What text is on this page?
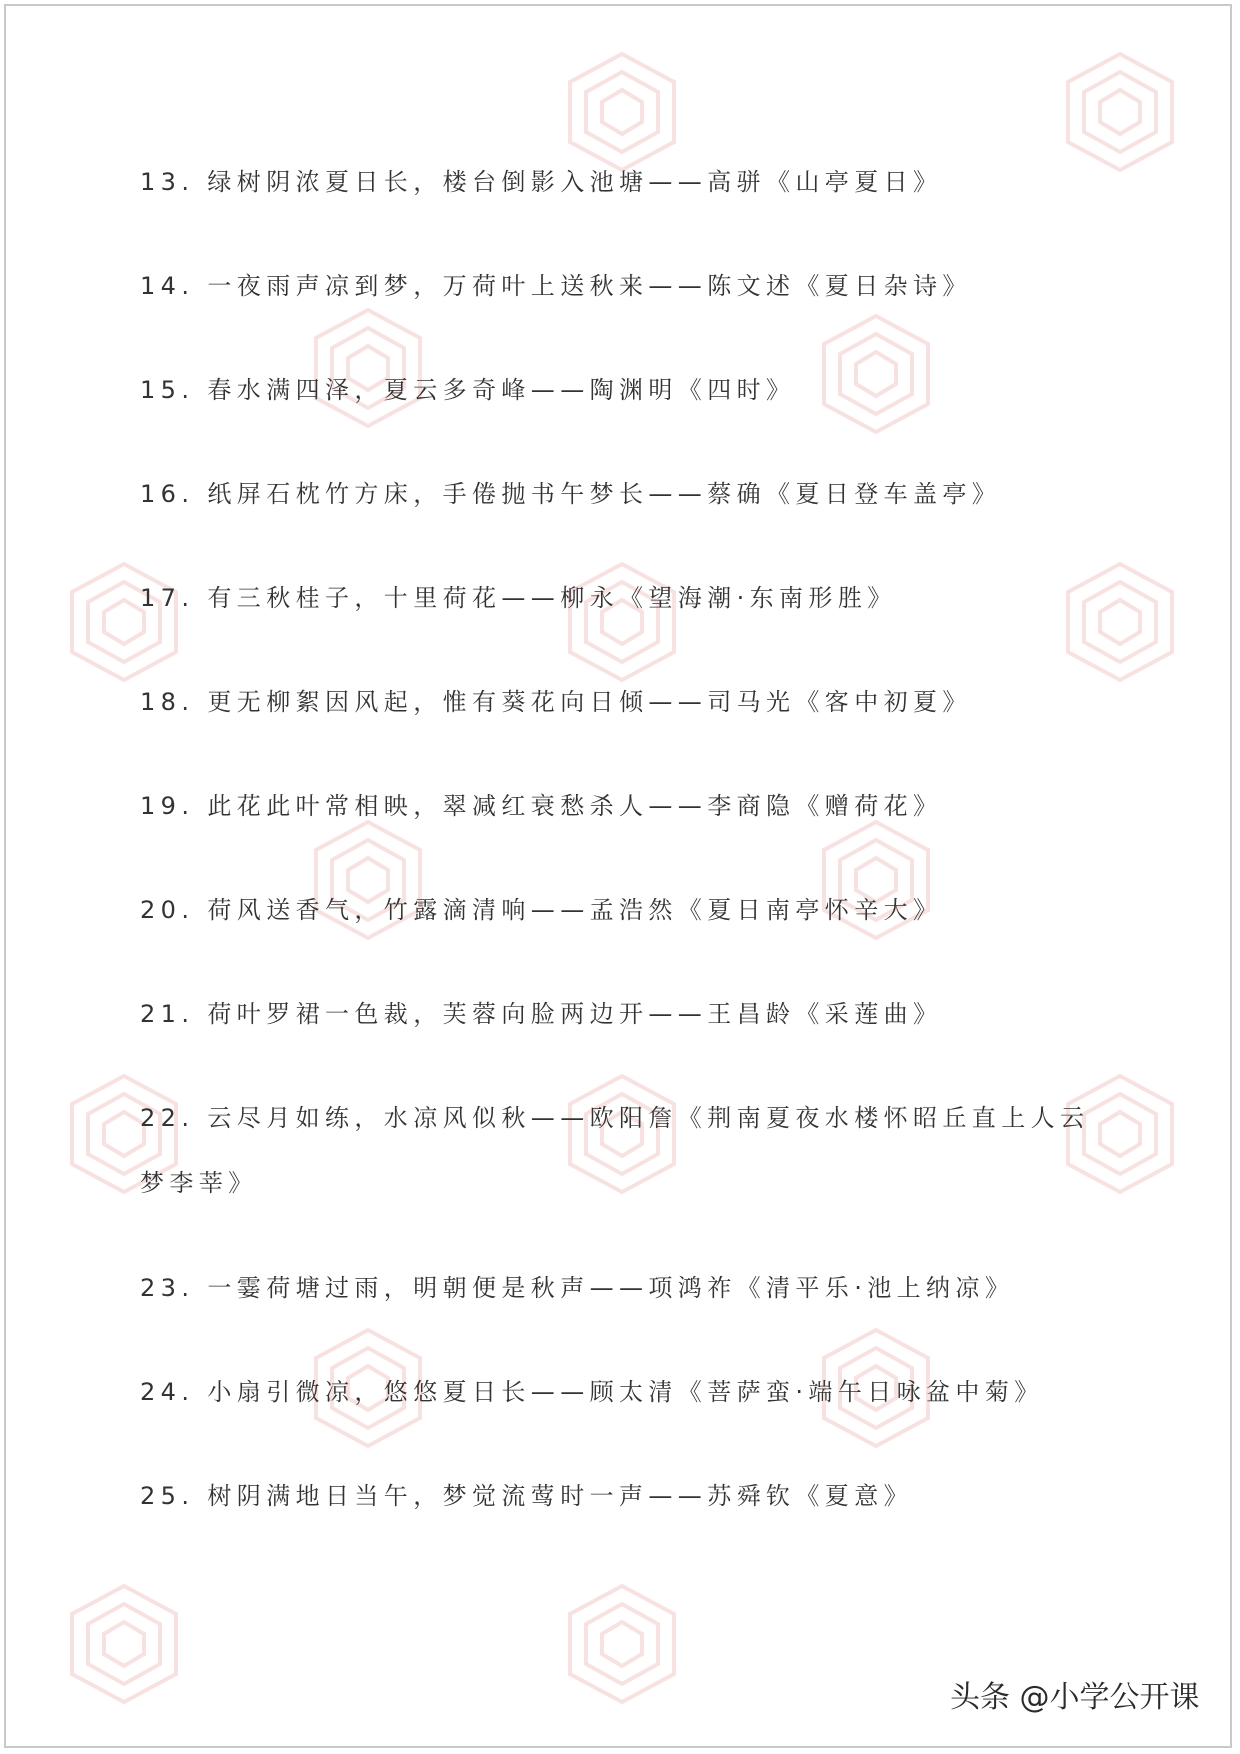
13. 绿树阴浓夏日长，楼台倒影入池塘——高骈《山亭夏日》
14. 一夜雨声凉到梦，万荷叶上送秋来——陈文述《夏日杂诗》
15. 春水满四泽，夏云多奇峰——陶渊明《四时》
16. 纸屏石枕竹方床，手倦抛书午梦长——蔡确《夏日登车盖亭》
17. 有三秋桂子，十里荷花——柳永《望海潮·东南形胜》
18. 更无柳絮因风起，惟有葵花向日倾——司马光《客中初夏》
19. 此花此叶常相映，翠减红衰愁杀人——李商隐《赠荷花》
20. 荷风送香气，竹露滴清响——孟浩然《夏日南亭怀辛大》
21. 荷叶罗裙一色裁，芙蓉向脸两边开——王昌龄《采莲曲》
22. 云尽月如练，水凉风似秋——欧阳詹《荆南夏夜水楼怀昭丘直上人云梦李莘》
23. 一霎荷塘过雨，明朝便是秋声——项鸿祚《清平乐·池上纳凉》
24. 小扇引微凉，悠悠夏日长——顾太清《菩萨蛮·端午日咏盆中菊》
25. 树阴满地日当午，梦觉流莺时一声——苏舜钦《夏意》
头条 @小学公开课
